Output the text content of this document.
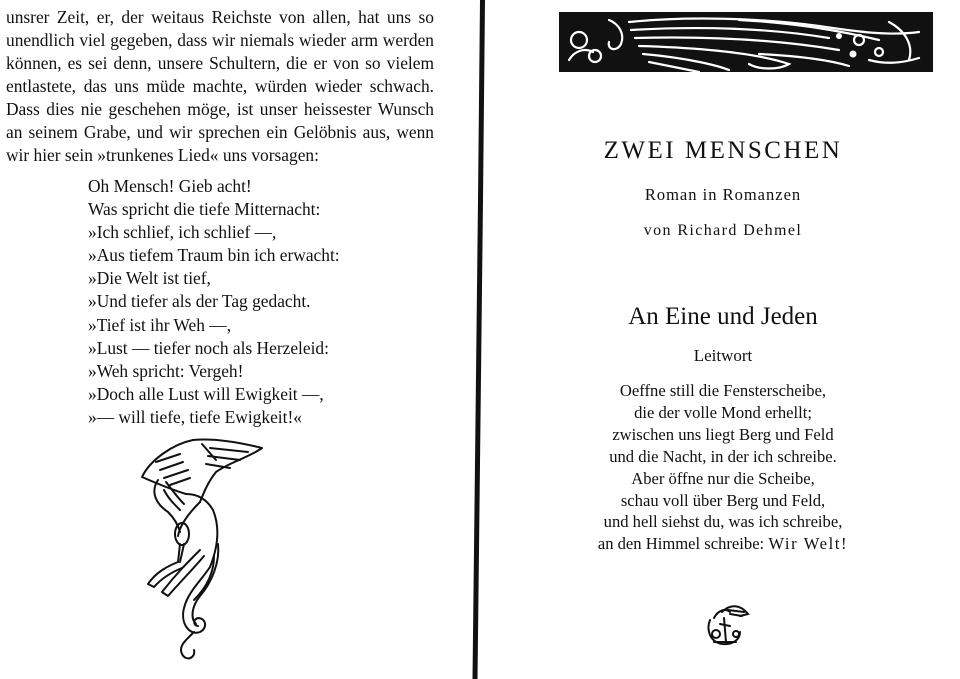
unsrer Zeit, er, der weitaus Reichste von allen, hat uns so
unendlich viel gegeben, dass wir niemals wieder arm werden
können, es sei denn, unsere Schultern, die er von so vielem
entlastete, das uns müde machte, würden wieder schwach.
Dass dies nie geschehen möge, ist unser heissester Wunsch
an seinem Grabe, und wir sprechen ein Gelöbnis aus, wenn
wir hier sein »trunkenes Lied« uns vorsagen:

Oh Mensch! Gieb acht!
Was spricht die tiefe Mitternacht:
»Ich schlief, ich schlief —,
»Aus tiefem Traum bin ich erwacht:
»Die Welt ist tief,
»Und tiefer als der Tag gedacht.
»Tief ist ihr Weh —,
»Lust — tiefer noch als Herzeleid:
»Weh spricht: Vergeh!
»Doch alle Lust will Ewigkeit —,
»— will tiefe, tiefe Ewigkeit!«
ZWEI MENSCHEN

Roman in Romanzen

von Richard Dehmel

An Eine und Jeden

Leitwort

Oeffne still die Fensterscheibe,
die der volle Mond erhellt;
zwischen uns liegt Berg und Feld
und die Nacht, in der ich schreibe.
Aber öffne nur die Scheibe,
schau voll über Berg und Feld,
und hell siehst du, was ich schreibe,
an den Himmel schreibe: Wir Welt!
